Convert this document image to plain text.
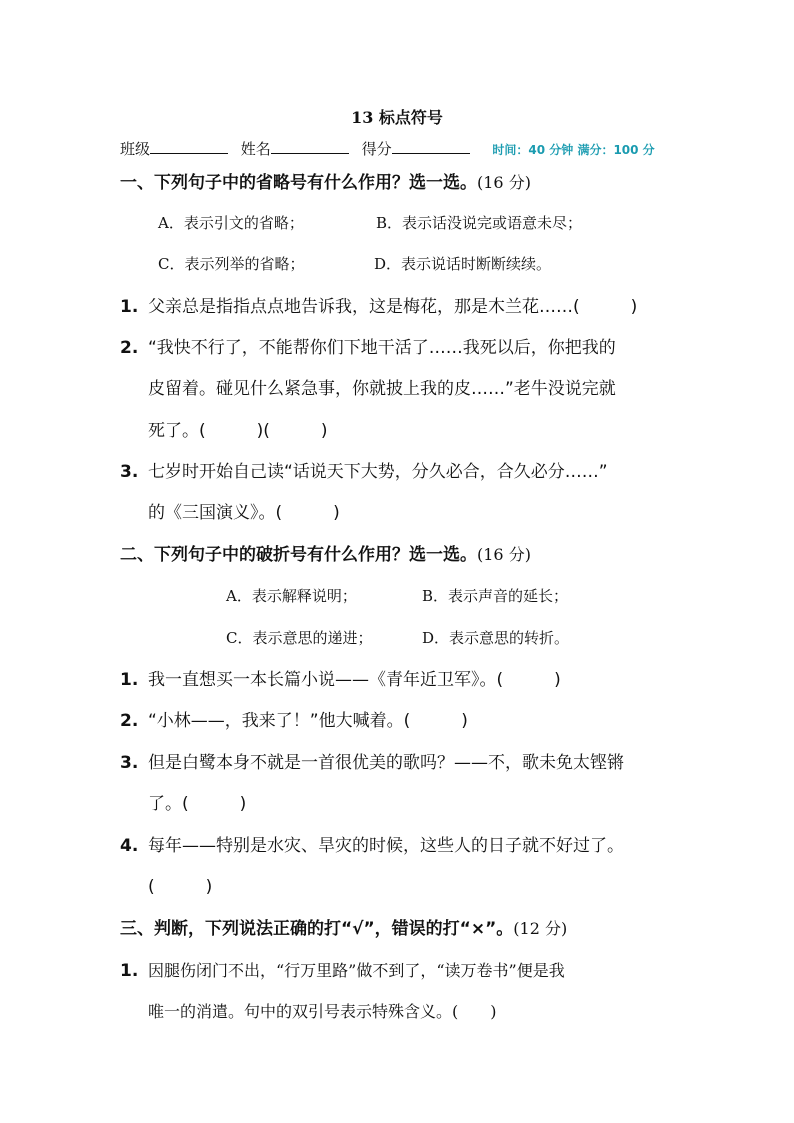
13 标点符号
班级	姓名	得分	时间：40 分钟 满分：100 分
一、下列句子中的省略号有什么作用？选一选。(16 分)
A．表示引文的省略；	B．表示话没说完或语意未尽；
C．表示列举的省略；	D．表示说话时断断续续。
1. 父亲总是指指点点地告诉我，这是梅花，那是木兰花……(　　　)
2. “我快不行了，不能帮你们下地干活了……我死以后，你把我的
皮留着。碰见什么紧急事，你就披上我的皮……”老牛没说完就
死了。(　　　)(　　　)
3. 七岁时开始自己读“话说天下大势，分久必合，合久必分……”
的《三国演义》。(　　　)
二、下列句子中的破折号有什么作用？选一选。(16 分)
A．表示解释说明；	B．表示声音的延长；
C．表示意思的递进；	D．表示意思的转折。
1. 我一直想买一本长篇小说——《青年近卫军》。(　　　)
2. “小林——，我来了！”他大喊着。(　　　)
3. 但是白鹭本身不就是一首很优美的歌吗？——不，歌未免太铿锵
了。(　　　)
4. 每年——特别是水灾、旱灾的时候，这些人的日子就不好过了。
(　　　)
三、判断，下列说法正确的打“√”，错误的打“×”。(12 分)
1. 因腿伤闭门不出，“行万里路”做不到了，“读万卷书”便是我
唯一的消遣。句中的双引号表示特殊含义。(　　)
